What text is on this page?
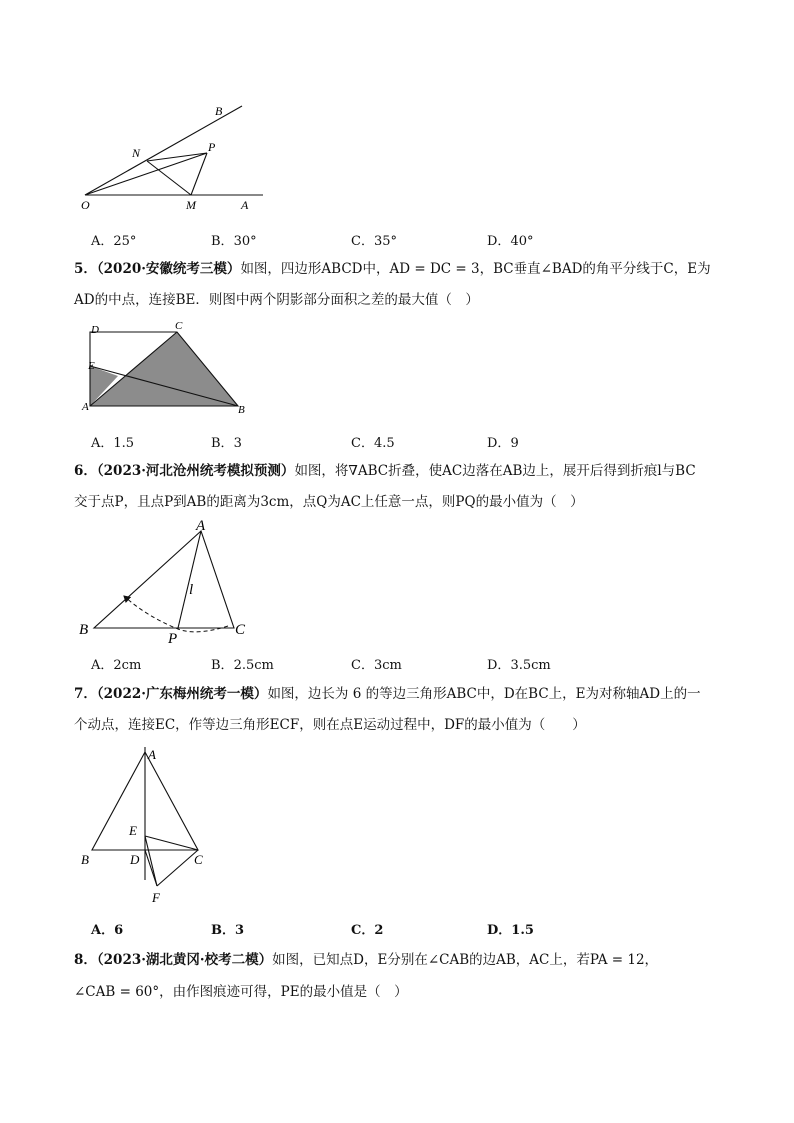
B
N	P
O	M	A
A．25°	B．30°	C．35°	D．40°
5．（2020·安徽统考三模）如图，四边形ABCD中，AD = DC = 3，BC垂直∠BAD的角平分线于C，E为
AD的中点，连接BE．则图中两个阴影部分面积之差的最大值（　）
D	C
E
A	B
A．1.5	B．3	C．4.5	D．9
6．（2023·河北沧州统考模拟预测）如图，将∇ABC折叠，使AC边落在AB边上，展开后得到折痕l与BC
交于点P，且点P到AB的距离为3cm，点Q为AC上任意一点，则PQ的最小值为（　）
A
l
B
P
C
A．2cm	B．2.5cm	C．3cm	D．3.5cm
7．（2022·广东梅州统考一模）如图，边长为 6 的等边三角形ABC中，D在BC上，E为对称轴AD上的一
个动点，连接EC，作等边三角形ECF，则在点E运动过程中，DF的最小值为（　　）
A
E
B	D	C
F
A．6	B．3	C．2	D．1.5
8．（2023·湖北黄冈·校考二模）如图，已知点D，E分别在∠CAB的边AB，AC上，若PA = 12，
∠CAB = 60°，由作图痕迹可得，PE的最小值是（　）
